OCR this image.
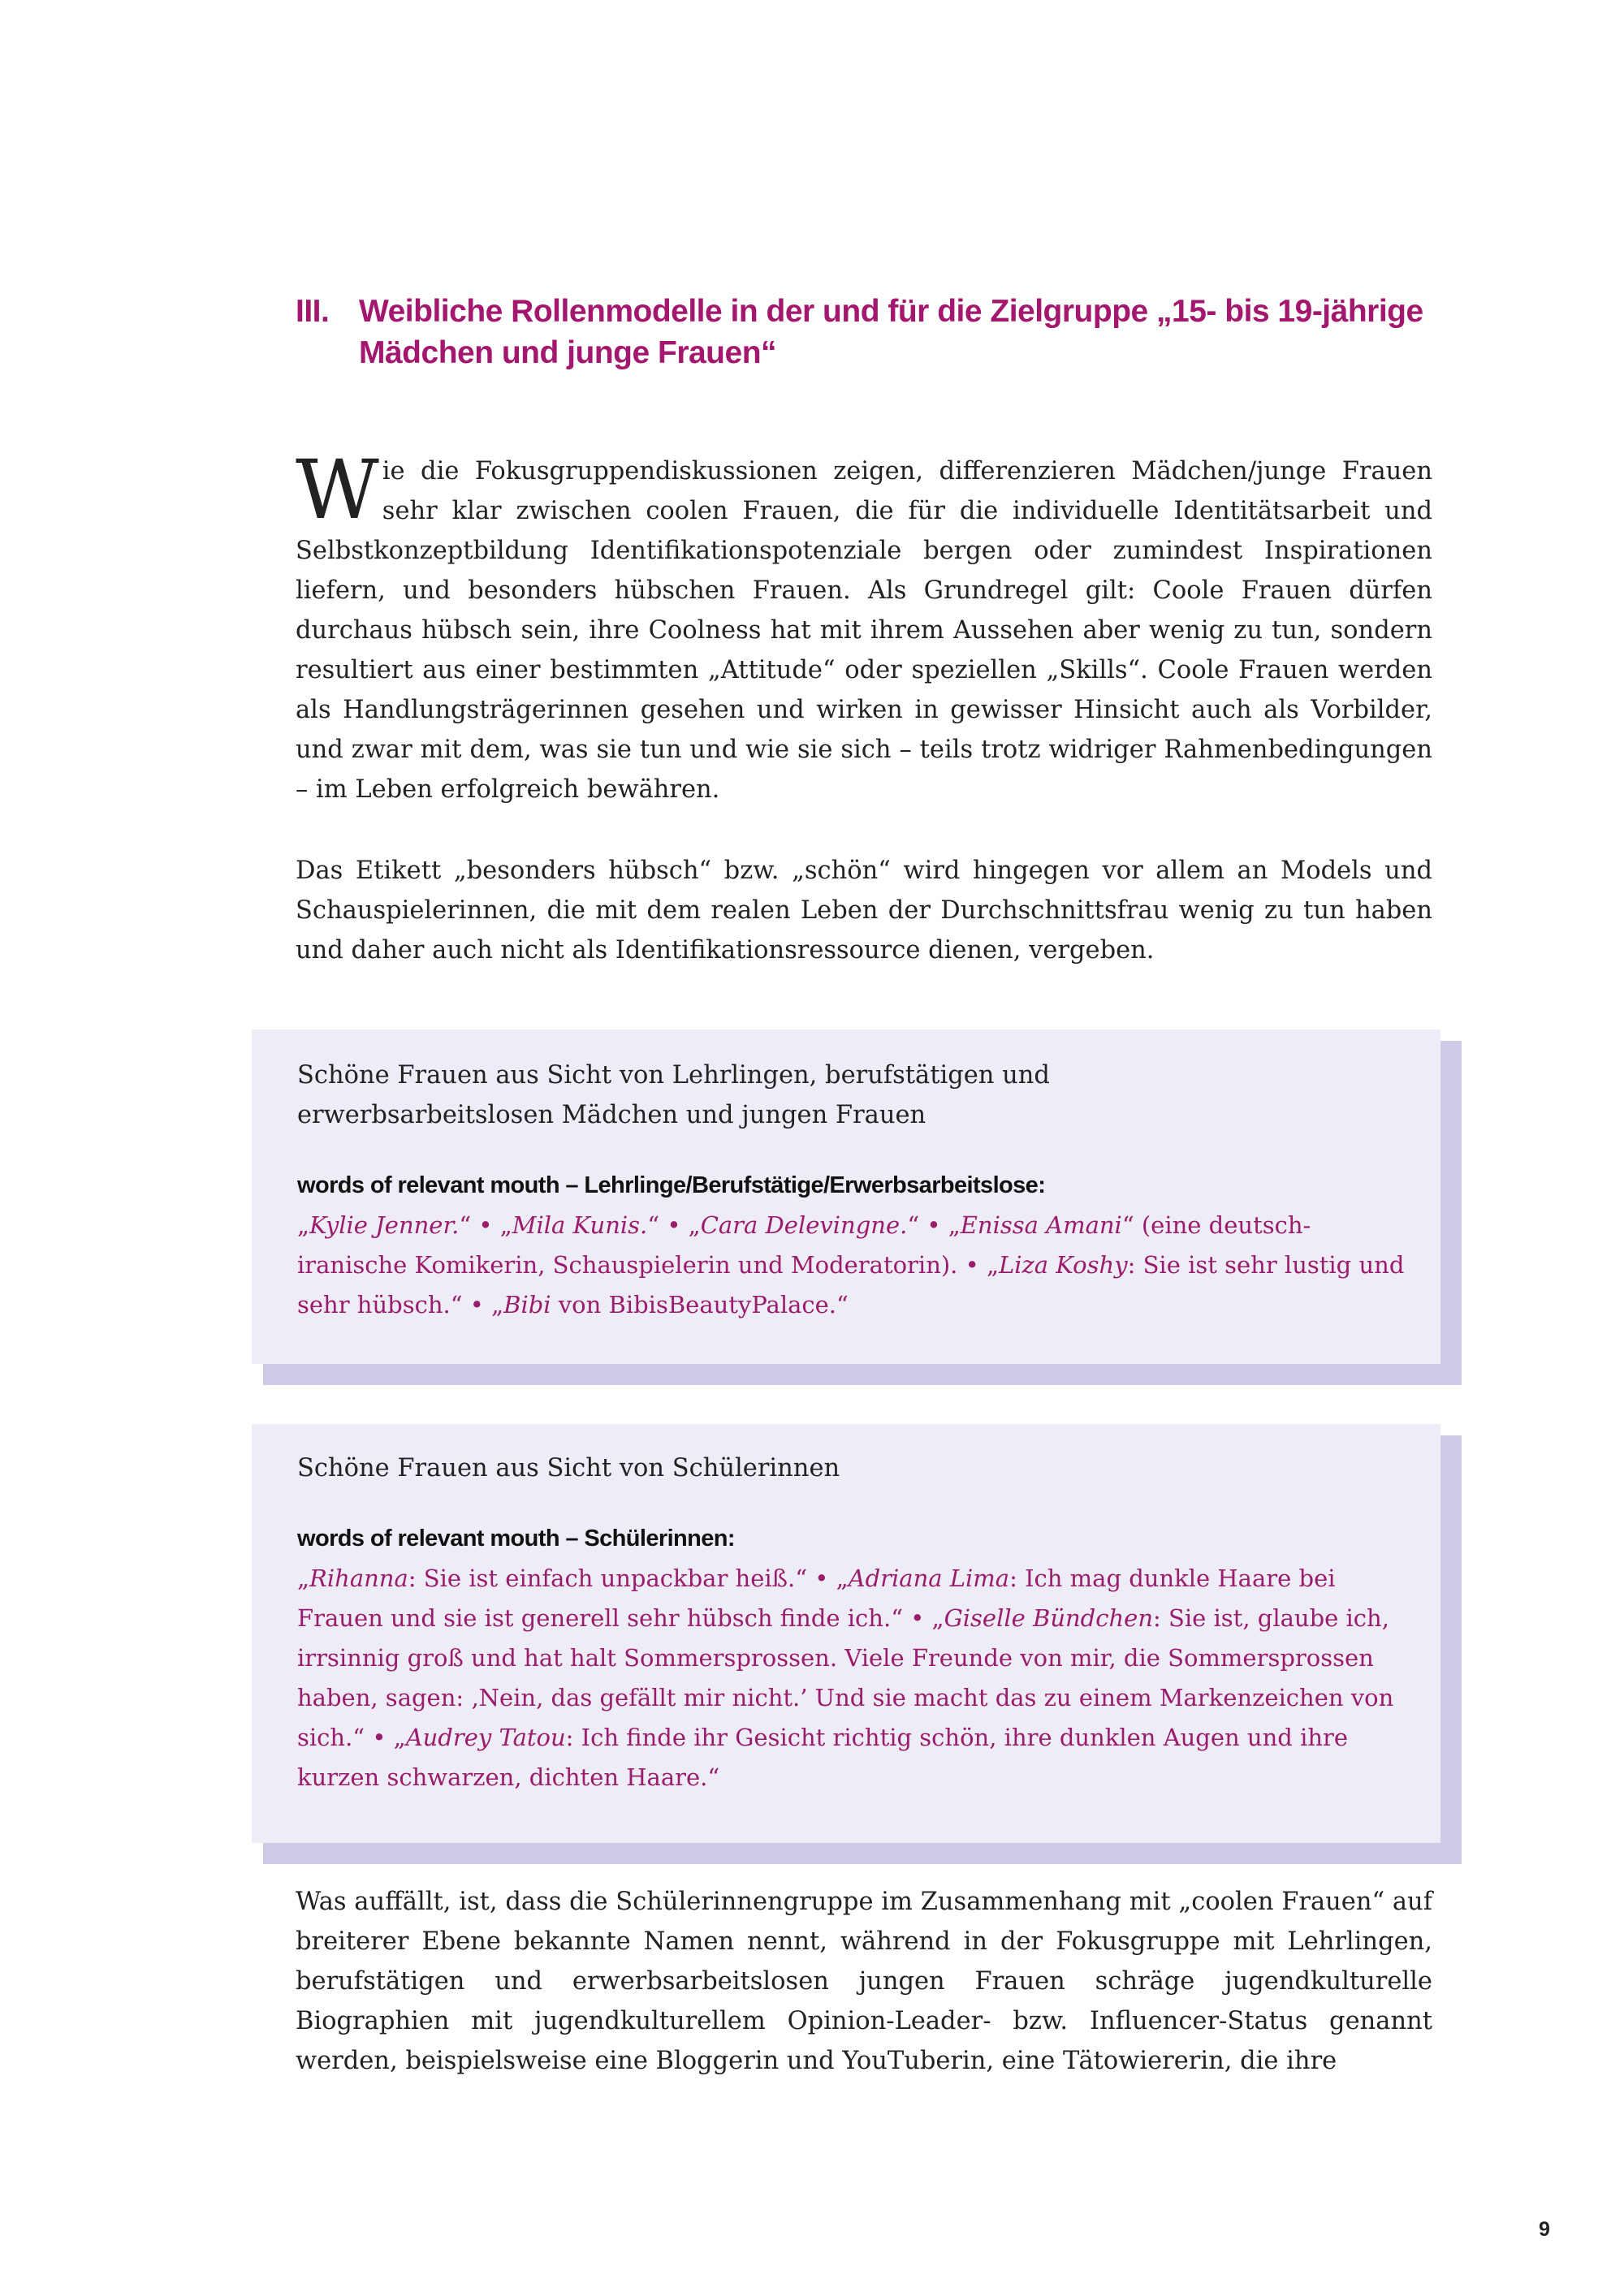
III. Weibliche Rollenmodelle in der und für die Zielgruppe „15- bis 19-jährige Mädchen und junge Frauen“

Wie die Fokusgruppendiskussionen zeigen, differenzieren Mädchen/junge Frauen sehr klar zwischen coolen Frauen, die für die individuelle Identitätsarbeit und Selbstkonzeptbildung Identifikationspotenziale bergen oder zumindest Inspirationen liefern, und besonders hübschen Frauen. Als Grundregel gilt: Coole Frauen dürfen durchaus hübsch sein, ihre Coolness hat mit ihrem Aussehen aber wenig zu tun, sondern resultiert aus einer bestimmten „Attitude“ oder speziellen „Skills“. Coole Frauen werden als Handlungsträgerinnen gesehen und wirken in gewisser Hinsicht auch als Vorbilder, und zwar mit dem, was sie tun und wie sie sich – teils trotz widriger Rahmenbedingungen – im Leben erfolgreich bewähren.

Das Etikett „besonders hübsch“ bzw. „schön“ wird hingegen vor allem an Models und Schauspielerinnen, die mit dem realen Leben der Durchschnittsfrau wenig zu tun haben und daher auch nicht als Identifikationsressource dienen, vergeben.

Schöne Frauen aus Sicht von Lehrlingen, berufstätigen und
erwerbsarbeitslosen Mädchen und jungen Frauen

words of relevant mouth – Lehrlinge/Berufstätige/Erwerbsarbeitslose:

„Kylie Jenner.“ • „Mila Kunis.“ • „Cara Delevingne.“ • „Enissa Amani“ (eine deutsch-iranische Komikerin, Schauspielerin und Moderatorin). • „Liza Koshy: Sie ist sehr lustig und sehr hübsch.“ • „Bibi von BibisBeautyPalace.“

Schöne Frauen aus Sicht von Schülerinnen

words of relevant mouth – Schülerinnen:

„Rihanna: Sie ist einfach unpackbar heiß.“ • „Adriana Lima: Ich mag dunkle Haare bei Frauen und sie ist generell sehr hübsch finde ich.“ • „Giselle Bündchen: Sie ist, glaube ich, irrsinnig groß und hat halt Sommersprossen. Viele Freunde von mir, die Sommersprossen haben, sagen: ‚Nein, das gefällt mir nicht.’ Und sie macht das zu einem Markenzeichen von sich.“ • „Audrey Tatou: Ich finde ihr Gesicht richtig schön, ihre dunklen Augen und ihre kurzen schwarzen, dichten Haare.“

Was auffällt, ist, dass die Schülerinnengruppe im Zusammenhang mit „coolen Frauen“ auf breiterer Ebene bekannte Namen nennt, während in der Fokusgruppe mit Lehrlingen, berufstätigen und erwerbsarbeitslosen jungen Frauen schräge jugendkulturelle Biographien mit jugendkulturellem Opinion-Leader- bzw. Influencer-Status genannt werden, beispielsweise eine Bloggerin und YouTuberin, eine Tätowiererin, die ihre

9
